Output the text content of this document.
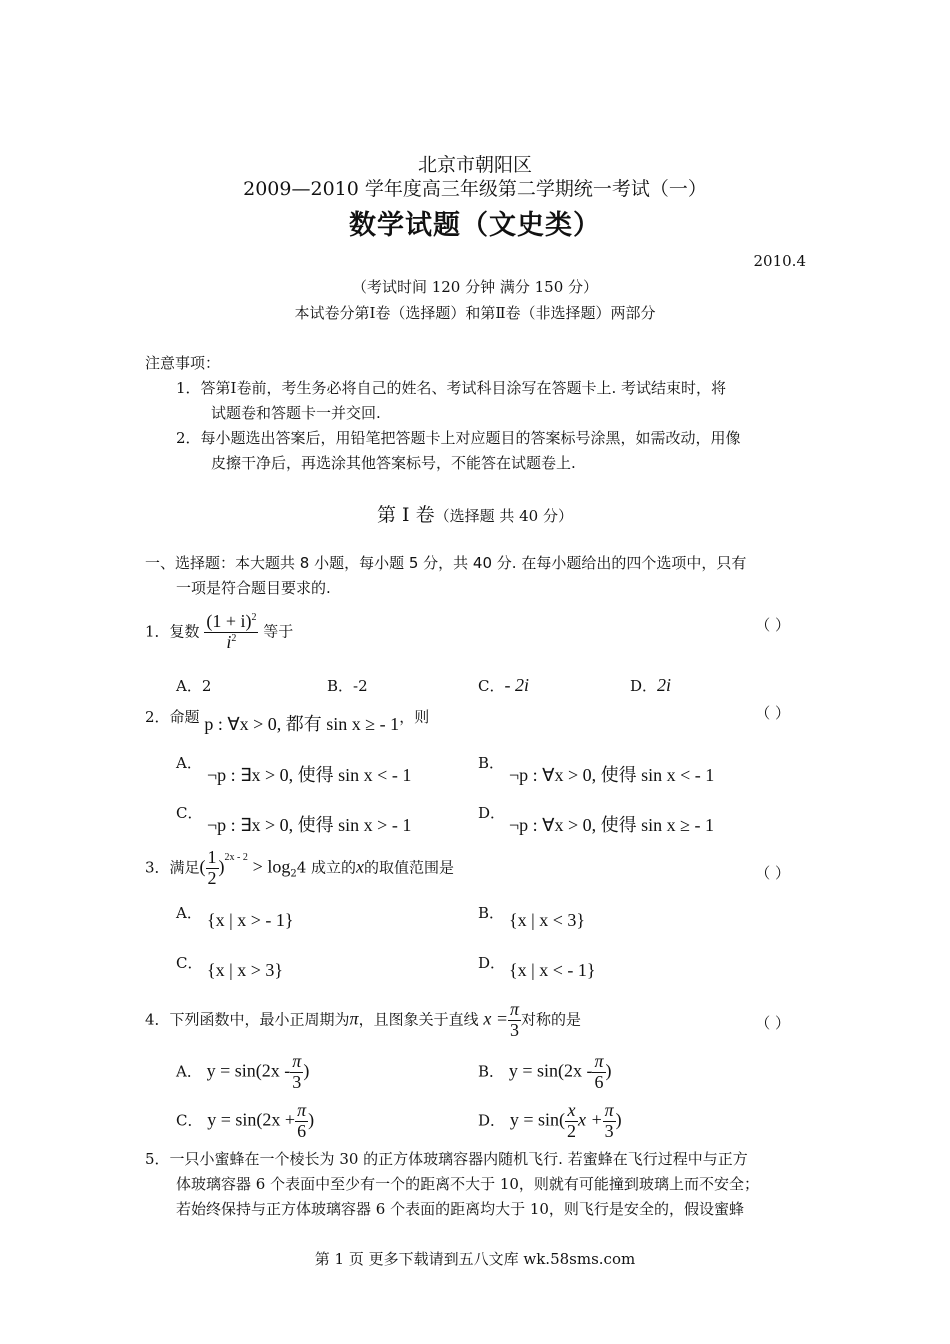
北京市朝阳区
2009—2010 学年度高三年级第二学期统一考试（一）
数学试题（文史类）
2010.4
（考试时间 120 分钟 满分 150 分）
本试卷分第Ⅰ卷（选择题）和第Ⅱ卷（非选择题）两部分
注意事项：
1．答第Ⅰ卷前，考生务必将自己的姓名、考试科目涂写在答题卡上. 考试结束时，将
试题卷和答题卡一并交回.
2．每小题选出答案后，用铅笔把答题卡上对应题目的答案标号涂黑，如需改动，用像
皮擦干净后，再选涂其他答案标号，不能答在试题卷上.
第 Ⅰ 卷（选择题 共 40 分）
一、选择题：本大题共 8 小题，每小题 5 分，共 40 分. 在每小题给出的四个选项中，只有
一项是符合题目要求的.
1．复数 $\frac{(1 + i)^2}{i^2}$ 等于	（ ）
A．2	B．-2	C．- 2i	D．2i
2．命题 p : ∀x > 0, 都有 sin x ≥ - 1，则	（ ）
A．
¬p : ∃x > 0, 使得 sin x < - 1
B．
¬p : ∀x > 0, 使得 sin x < - 1
C．
¬p : ∃x > 0, 使得 sin x > - 1
D．
¬p : ∀x > 0, 使得 sin x ≥ - 1
3．满足( $\frac{1}{2} )^{2x - 2} > \log_24$ 成立的x的取值范围是	（ ）
A． {x | x > - 1}	B． {x | x < 3}
C． {x | x > 3}	D． {x | x < - 1}
4．下列函数中，最小正周期为π，且图象关于直线 $x = \frac{\pi}{3}$ 对称的是	（ ）
A． $y = \sin(2x - \frac{\pi}{3}$ )	B． $y = \sin(2x - \frac{\pi}{6}$ )
C． $y = \sin(2x + \frac{\pi}{6}$ )	D． $y = \sin( \frac{x}{2}$ $x + \frac{\pi}{3}$ )
5．一只小蜜蜂在一个棱长为 30 的正方体玻璃容器内随机飞行. 若蜜蜂在飞行过程中与正方
体玻璃容器 6 个表面中至少有一个的距离不大于 10，则就有可能撞到玻璃上而不安全；
若始终保持与正方体玻璃容器 6 个表面的距离均大于 10，则飞行是安全的，假设蜜蜂
第 1 页 更多下载请到五八文库 wk.58sms.com
